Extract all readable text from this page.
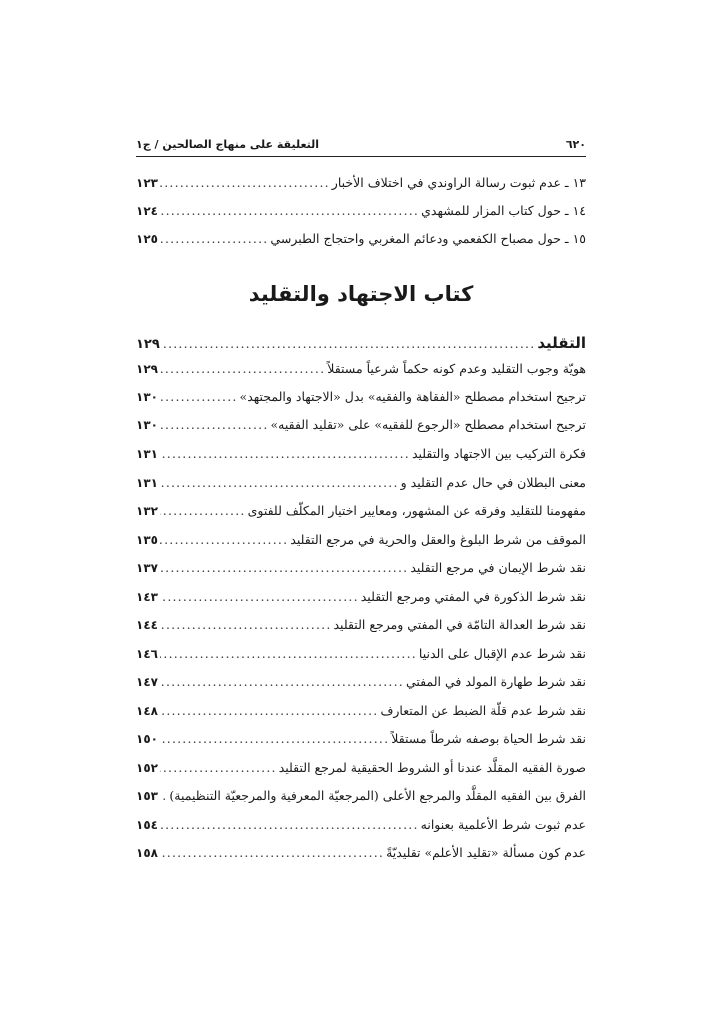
٦٢٠
التعليقة على منهاج الصالحين / ج١
١٣ ـ عدم ثبوت رسالة الراوندي في اختلاف الأخبار
.....
١٢٣
١٤ ـ حول كتاب المزار للمشهدي
.....
١٢٤
١٥ ـ حول مصباح الكفعمي ودعائم المغربي واحتجاج الطبرسي
.....
١٢٥
كتاب الاجتهاد والتقليد
التقليد
.....
١٢٩
هويّة وجوب التقليد وعدم كونه حكماً شرعياً مستقلاً
.....
١٢٩
ترجيح استخدام مصطلح «الفقاهة والفقيه» بدل «الاجتهاد والمجتهد»
.....
١٣٠
ترجيح استخدام مصطلح «الرجوع للفقيه» على «تقليد الفقيه»
.....
١٣٠
فكرة التركيب بين الاجتهاد والتقليد
.....
١٣١
معنى البطلان في حال عدم التقليد و
.....
١٣١
مفهومنا للتقليد وفرقه عن المشهور، ومعايير اختيار المكلّف للفتوى
.....
١٣٢
الموقف من شرط البلوغ والعقل والحرية في مرجع التقليد
.....
١٣٥
نقد شرط الإيمان في مرجع التقليد
.....
١٣٧
نقد شرط الذكورة في المفتي ومرجع التقليد
.....
١٤٣
نقد شرط العدالة التامّة في المفتي ومرجع التقليد
.....
١٤٤
نقد شرط عدم الإقبال على الدنيا
.....
١٤٦
نقد شرط طهارة المولد في المفتي
.....
١٤٧
نقد شرط عدم قلّة الضبط عن المتعارف
.....
١٤٨
نقد شرط الحياة بوصفه شرطاً مستقلاً
.....
١٥٠
صورة الفقيه المقلَّد عندنا أو الشروط الحقيقية لمرجع التقليد
.....
١٥٢
الفرق بين الفقيه المقلَّد والمرجع الأعلى (المرجعيّة المعرفية والمرجعيّة التنظيمية)
.....
١٥٣
عدم ثبوت شرط الأعلمية بعنوانه
.....
١٥٤
عدم كون مسألة «تقليد الأعلم» تقليديّةً
.....
١٥٨
